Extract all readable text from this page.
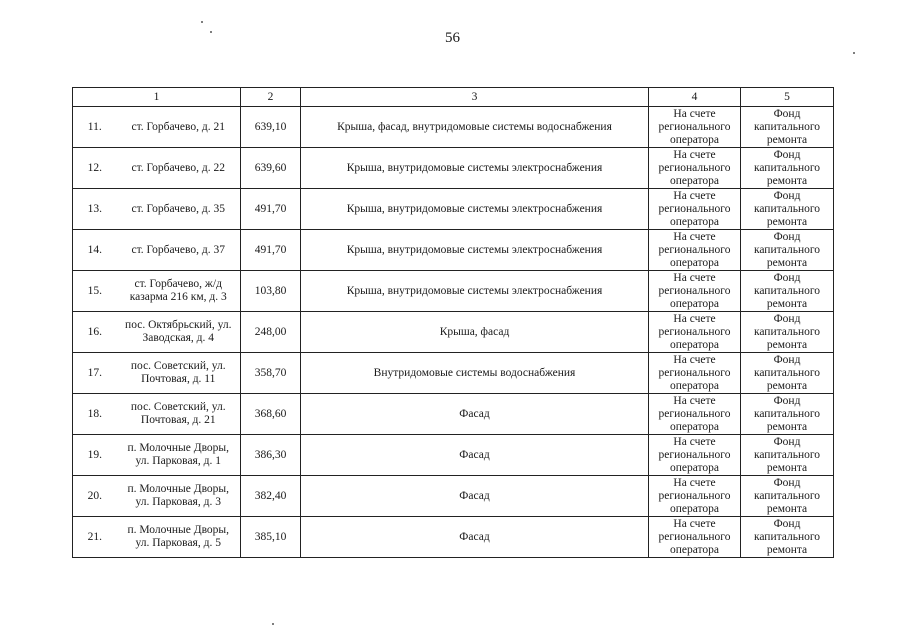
56
1		2	3	4	5
11.	ст. Горбачево, д. 21	639,10	Крыша, фасад, внутридомовые системы водоснабжения	На счете регионального оператора	Фонд капитального ремонта
12.	ст. Горбачево, д. 22	639,60	Крыша, внутридомовые системы электроснабжения	На счете регионального оператора	Фонд капитального ремонта
13.	ст. Горбачево, д. 35	491,70	Крыша, внутридомовые системы электроснабжения	На счете регионального оператора	Фонд капитального ремонта
14.	ст. Горбачево, д. 37	491,70	Крыша, внутридомовые системы электроснабжения	На счете регионального оператора	Фонд капитального ремонта
15.	ст. Горбачево, ж/д казарма 216 км, д. 3	103,80	Крыша, внутридомовые системы электроснабжения	На счете регионального оператора	Фонд капитального ремонта
16.	пос. Октябрьский, ул. Заводская, д. 4	248,00	Крыша, фасад	На счете регионального оператора	Фонд капитального ремонта
17.	пос. Советский, ул. Почтовая, д. 11	358,70	Внутридомовые системы водоснабжения	На счете регионального оператора	Фонд капитального ремонта
18.	пос. Советский, ул. Почтовая, д. 21	368,60	Фасад	На счете регионального оператора	Фонд капитального ремонта
19.	п. Молочные Дворы, ул. Парковая, д. 1	386,30	Фасад	На счете регионального оператора	Фонд капитального ремонта
20.	п. Молочные Дворы, ул. Парковая, д. 3	382,40	Фасад	На счете регионального оператора	Фонд капитального ремонта
21.	п. Молочные Дворы, ул. Парковая, д. 5	385,10	Фасад	На счете регионального оператора	Фонд капитального ремонта
